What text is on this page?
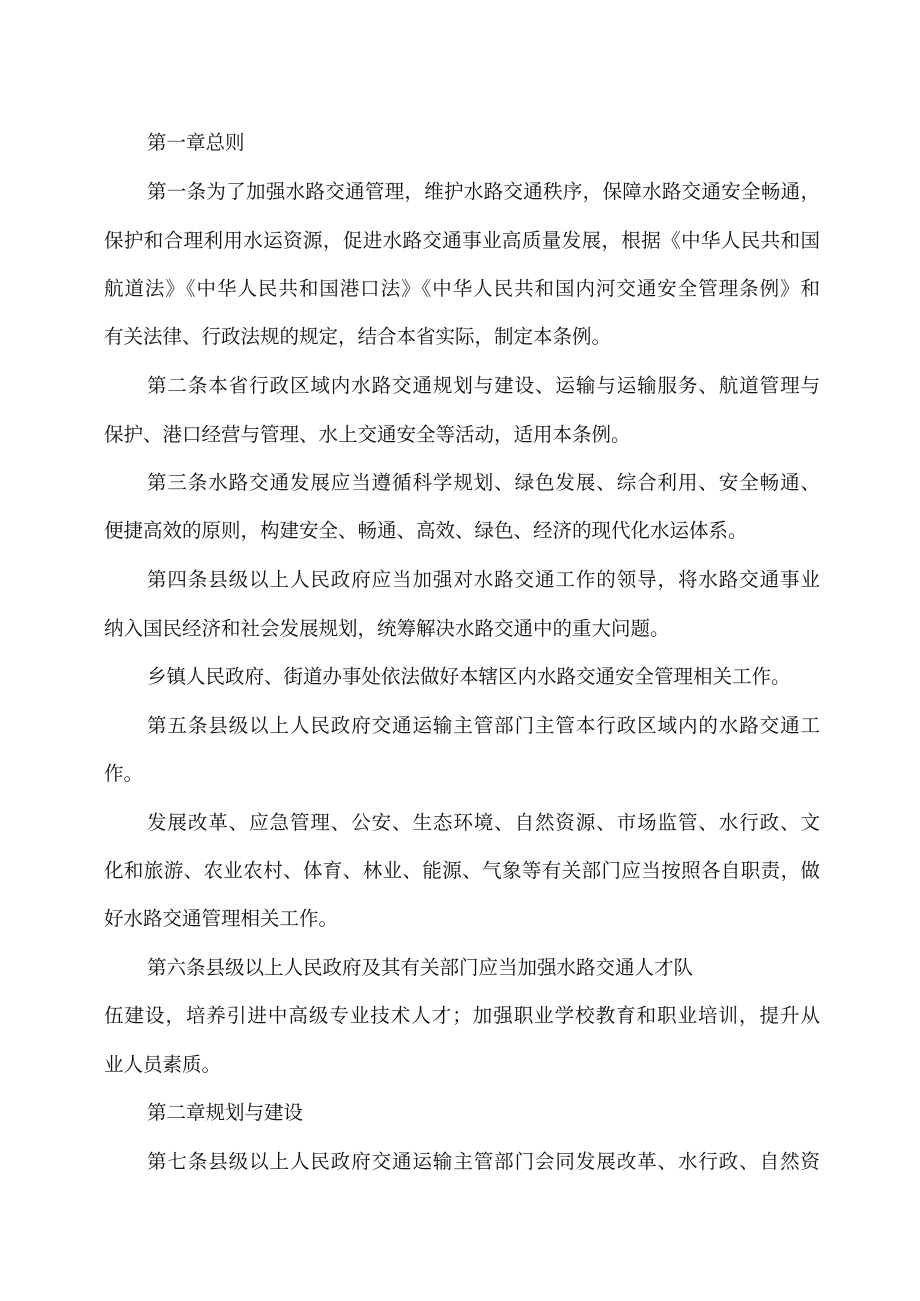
第一章总则

第一条为了加强水路交通管理，维护水路交通秩序，保障水路交通安全畅通，

保护和合理利用水运资源，促进水路交通事业高质量发展，根据《中华人民共和国

航道法》《中华人民共和国港口法》《中华人民共和国内河交通安全管理条例》和

有关法律、行政法规的规定，结合本省实际，制定本条例。

第二条本省行政区域内水路交通规划与建设、运输与运输服务、航道管理与

保护、港口经营与管理、水上交通安全等活动，适用本条例。

第三条水路交通发展应当遵循科学规划、绿色发展、综合利用、安全畅通、

便捷高效的原则，构建安全、畅通、高效、绿色、经济的现代化水运体系。

第四条县级以上人民政府应当加强对水路交通工作的领导，将水路交通事业

纳入国民经济和社会发展规划，统筹解决水路交通中的重大问题。

乡镇人民政府、街道办事处依法做好本辖区内水路交通安全管理相关工作。

第五条县级以上人民政府交通运输主管部门主管本行政区域内的水路交通工

作。

发展改革、应急管理、公安、生态环境、自然资源、市场监管、水行政、文

化和旅游、农业农村、体育、林业、能源、气象等有关部门应当按照各自职责，做

好水路交通管理相关工作。

第六条县级以上人民政府及其有关部门应当加强水路交通人才队

伍建设，培养引进中高级专业技术人才；加强职业学校教育和职业培训，提升从

业人员素质。

第二章规划与建设

第七条县级以上人民政府交通运输主管部门会同发展改革、水行政、自然资
